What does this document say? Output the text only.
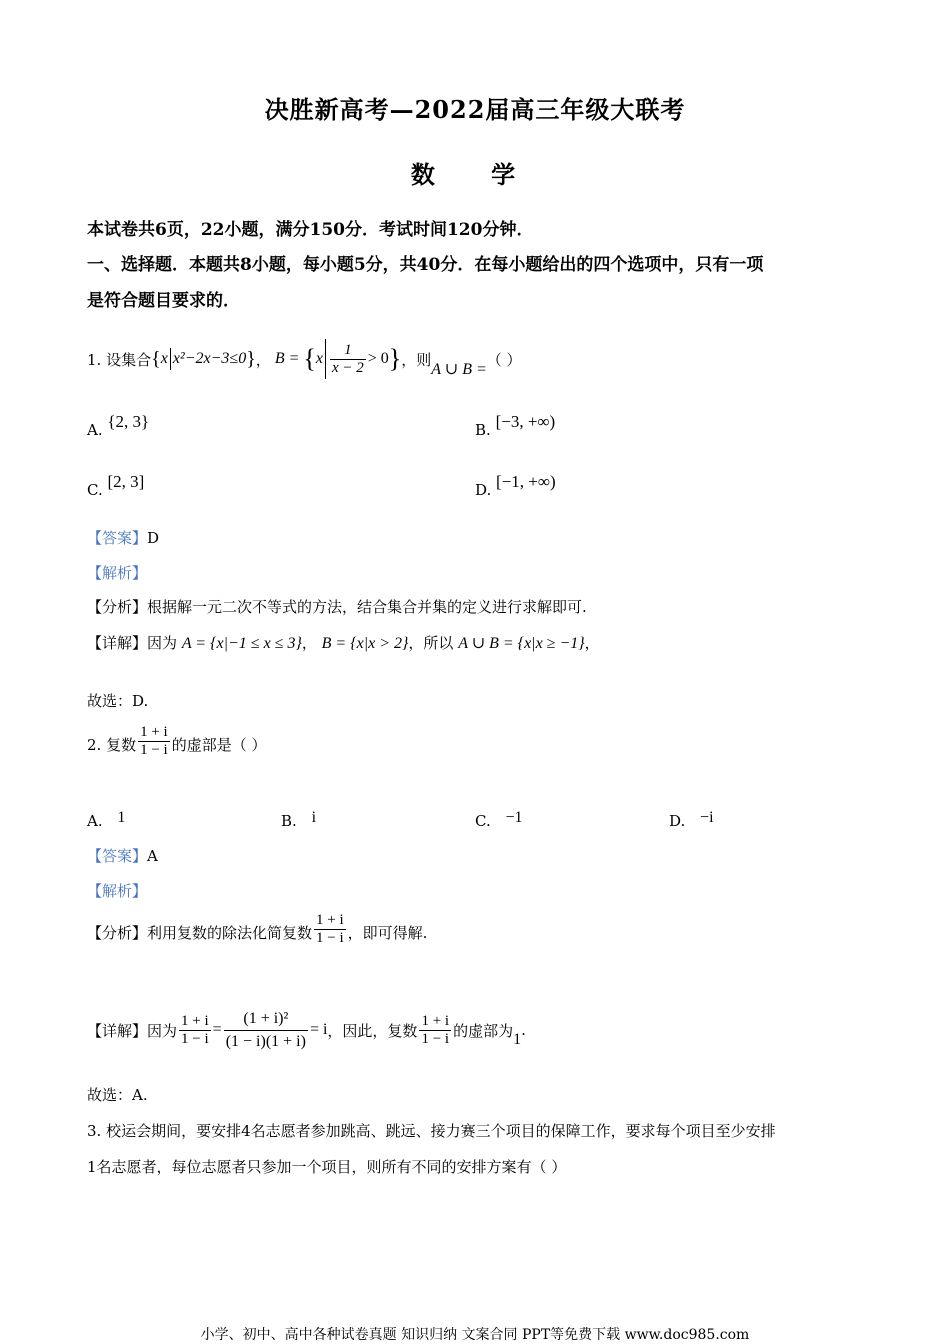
决胜新高考—2022届高三年级大联考
数 学
本试卷共6页，22小题，满分150分．考试时间120分钟．
一、选择题．本题共8小题，每小题5分，共40分．在每小题给出的四个选项中，只有一项
是符合题目要求的．
1. 设集合 { x x²−2x−3≤0 } ， B = { x $\frac{1}{x - 2} > 0$ } ，则
A ∪ B =
（ ）
A. {2, 3}	B. [−3, +∞)
C. [2, 3]	D. [−1, +∞)
【答案】D
【解析】
【分析】根据解一元二次不等式的方法，结合集合并集的定义进行求解即可.
【详解】因为 A = {x|−1 ≤ x ≤ 3}， B = {x|x > 2}，所以 A ∪ B = {x|x ≥ −1}，
故选：D.
2. 复数 $\frac{1 + i}{1 - i}$ 的虚部是（ ）
A. 1	B. i	C. −1	D. −i
【答案】A
【解析】
【分析】 利用复数的除法化简复数 $\frac{1 + i}{1 - i}$ ，即可得解.
【详解】 因为 $\frac{1 + i}{1 - i} = \frac{\text{(1 + i)²}}{(1 - i)(1 + i)} = i$ ，因此，复数 $\frac{1 + i}{1 - i}$ 的虚部为 1
.
故选：A.
3. 校运会期间，要安排4名志愿者参加跳高、跳远、接力赛三个项目的保障工作，要求每个项目至少安排
1名志愿者，每位志愿者只参加一个项目，则所有不同的安排方案有（ ）
小学、初中、高中各种试卷真题 知识归纳 文案合同 PPT等免费下载 www.doc985.com
